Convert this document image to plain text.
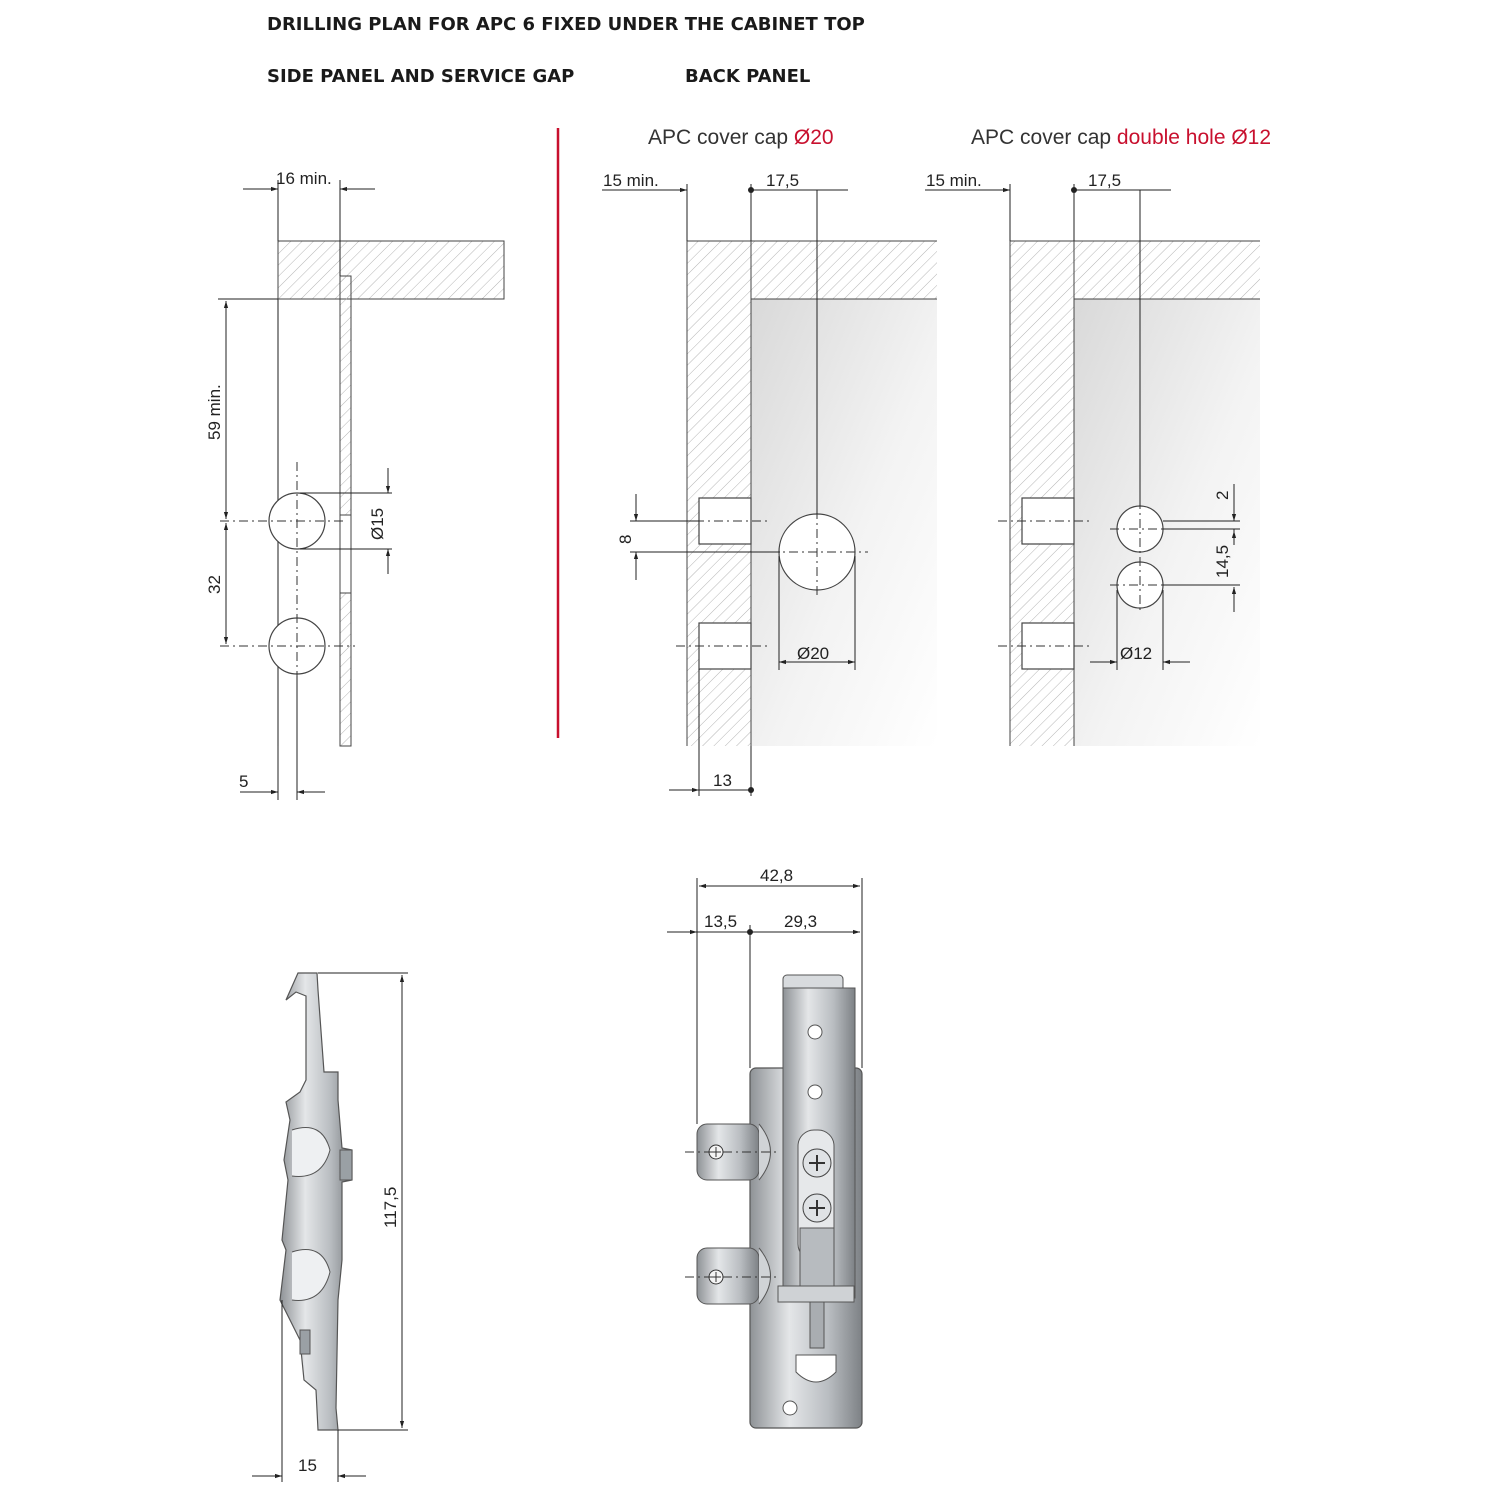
DRILLING PLAN FOR APC 6 FIXED UNDER THE CABINET TOP
SIDE PANEL AND SERVICE GAP	BACK PANEL
16 min.
59 min.
32
Ø15
5
APC cover cap Ø20
15 min.	17,5
8
Ø20
13
APC cover cap double hole Ø12
15 min.	17,5
2
14,5
Ø12
117,5
15
42,8
13,5	29,3
